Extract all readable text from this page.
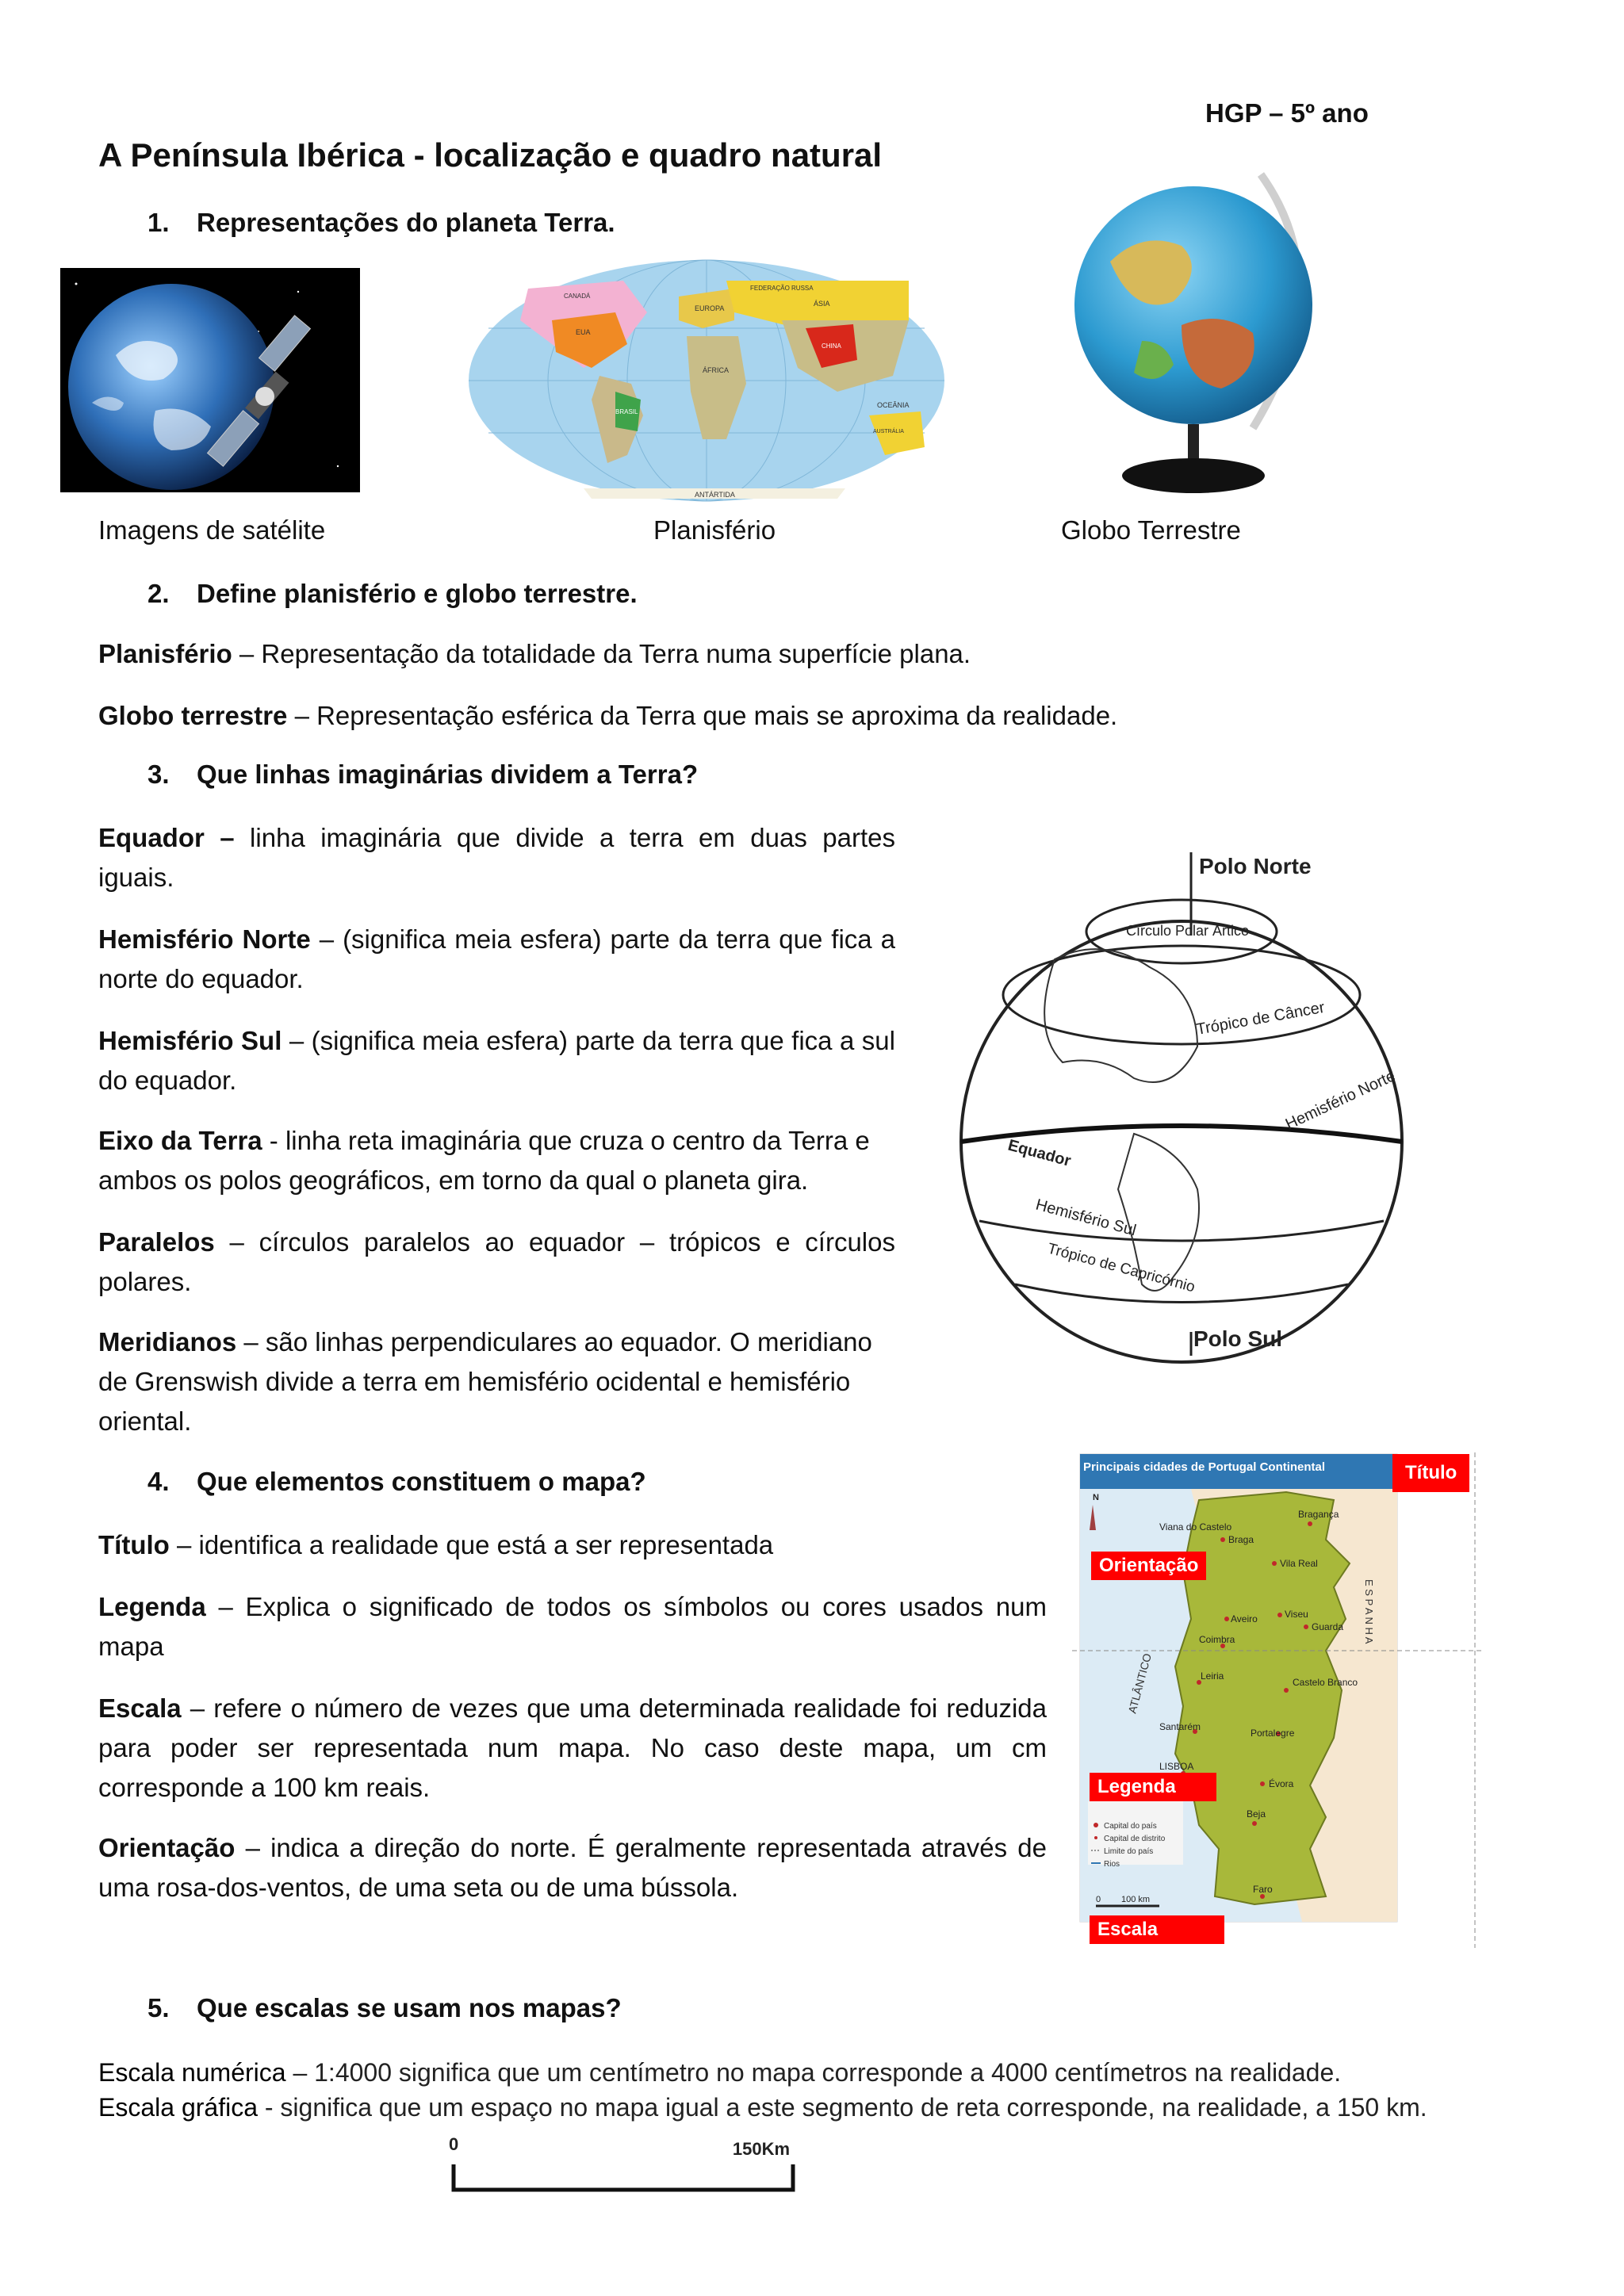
HGP – 5º ano
A Península Ibérica - localização e quadro natural
1. Representações do planeta Terra.
CANADÁ
FEDERAÇÃO RUSSA
EUROPA
EUA
ÁSIA
CHINA
ÁFRICA
BRASIL
OCEÂNIA
AUSTRÁLIA
ANTÁRTIDA
Imagens de satélite	Planisfério	Globo Terrestre
2. Define planisfério e globo terrestre.
Planisfério – Representação da totalidade da Terra numa superfície plana.
Globo terrestre – Representação esférica da Terra que mais se aproxima da realidade.
3. Que linhas imaginárias dividem a Terra?
Equador – linha imaginária que divide a terra em duas partes iguais.
Hemisfério Norte – (significa meia esfera) parte da terra que fica a norte do equador.
Hemisfério Sul – (significa meia esfera) parte da terra que fica a sul do equador.
Eixo da Terra - linha reta imaginária que cruza o centro da Terra e ambos os polos geográficos, em torno da qual o planeta gira.
Paralelos – círculos paralelos ao equador – trópicos e círculos polares.
Meridianos – são linhas perpendiculares ao equador. O meridiano de Grenswish divide a terra em hemisfério ocidental e hemisfério oriental.
Polo Norte
Círculo Polar Ártico
Trópico de Câncer
Hemisfério Norte
Equador
Hemisfério Sul
Trópico de Capricórnio
Polo Sul
4. Que elementos constituem o mapa?
Título – identifica a realidade que está a ser representada
Legenda – Explica o significado de todos os símbolos ou cores usados num mapa
Escala – refere o número de vezes que uma determinada realidade foi reduzida para poder ser representada num mapa. No caso deste mapa, um cm corresponde a 100 km reais.
Orientação – indica a direção do norte. É geralmente representada através de uma rosa-dos-ventos, de uma seta ou de uma bússola.
N
ATLÂNTICO
E S P A N H A
Viana do Castelo
Braga
Bragança
Vila Real
Aveiro	Viseu
Guarda
Coimbra
Leiria
Castelo Branco
Santarém
Portalegre
LISBOA
Évora
Beja
Faro
Capital do país
Capital de distrito
Limite do país
Rios
0 100 km
Principais cidades de Portugal Continental	Título
Orientação
Legenda
Escala
5. Que escalas se usam nos mapas?
Escala numérica – 1:4000 significa que um centímetro no mapa corresponde a 4000 centímetros na realidade.
Escala gráfica - significa que um espaço no mapa igual a este segmento de reta corresponde, na realidade, a 150 km.
0	150Km
